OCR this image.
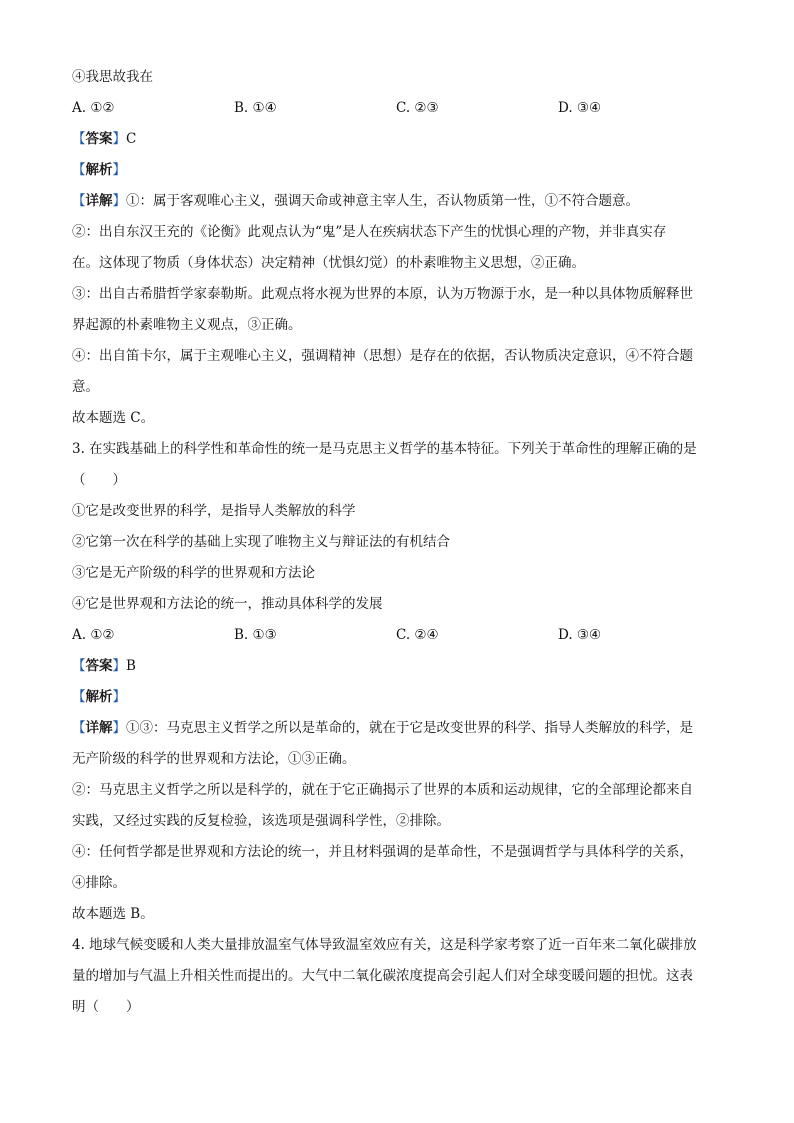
④我思故我在
A. ①②	B. ①④	C. ②③	D. ③④
【答案】C
【解析】
【详解】①：属于客观唯心主义，强调天命或神意主宰人生，否认物质第一性，①不符合题意。
②：出自东汉王充的《论衡》此观点认为“鬼”是人在疾病状态下产生的忧惧心理的产物，并非真实存
在。这体现了物质（身体状态）决定精神（忧惧幻觉）的朴素唯物主义思想，②正确。
③：出自古希腊哲学家泰勒斯。此观点将水视为世界的本原，认为万物源于水，是一种以具体物质解释世
界起源的朴素唯物主义观点，③正确。
④：出自笛卡尔，属于主观唯心主义，强调精神（思想）是存在的依据，否认物质决定意识，④不符合题
意。
故本题选 C。
3. 在实践基础上的科学性和革命性的统一是马克思主义哲学的基本特征。下列关于革命性的理解正确的是
（　　）
①它是改变世界的科学，是指导人类解放的科学
②它第一次在科学的基础上实现了唯物主义与辩证法的有机结合
③它是无产阶级的科学的世界观和方法论
④它是世界观和方法论的统一，推动具体科学的发展
A. ①②	B. ①③	C. ②④	D. ③④
【答案】B
【解析】
【详解】①③：马克思主义哲学之所以是革命的，就在于它是改变世界的科学、指导人类解放的科学，是
无产阶级的科学的世界观和方法论，①③正确。
②：马克思主义哲学之所以是科学的，就在于它正确揭示了世界的本质和运动规律，它的全部理论都来自
实践，又经过实践的反复检验，该选项是强调科学性，②排除。
④：任何哲学都是世界观和方法论的统一，并且材料强调的是革命性，不是强调哲学与具体科学的关系，
④排除。
故本题选 B。
4. 地球气候变暖和人类大量排放温室气体导致温室效应有关，这是科学家考察了近一百年来二氧化碳排放
量的增加与气温上升相关性而提出的。大气中二氧化碳浓度提高会引起人们对全球变暖问题的担忧。这表
明（　　）
